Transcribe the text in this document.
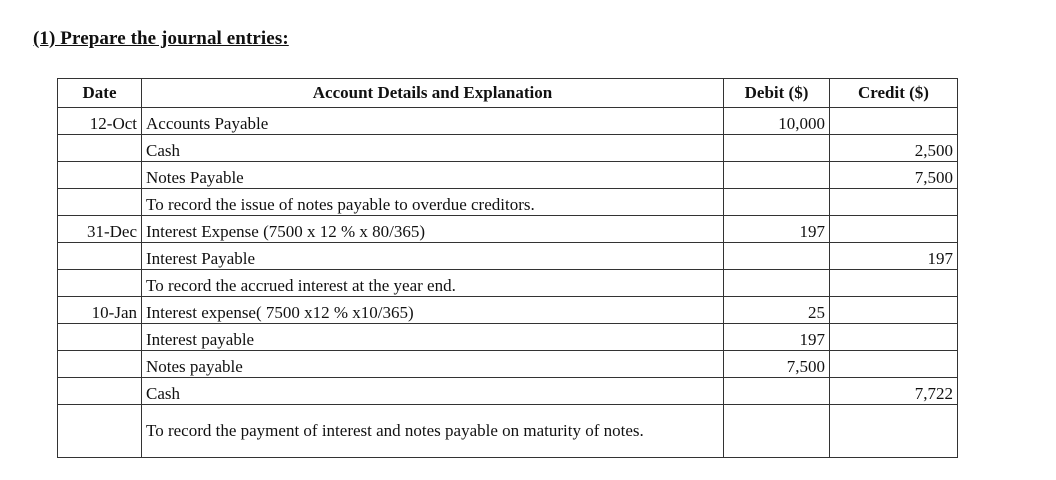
(1) Prepare the journal entries:
Date	Account Details and Explanation	Debit ($)	Credit ($)
12-Oct	Accounts Payable	10,000	
	Cash		2,500
	Notes Payable		7,500
	To record the issue of notes payable to overdue creditors.		
31-Dec	Interest Expense (7500 x 12 % x 80/365)	197	
	Interest Payable		197
	To record the accrued interest at the year end.		
10-Jan	Interest expense( 7500 x12 % x10/365)	25	
	Interest payable	197	
	Notes payable	7,500	
	Cash		7,722
	To record the payment of interest and notes payable on maturity of notes.		
